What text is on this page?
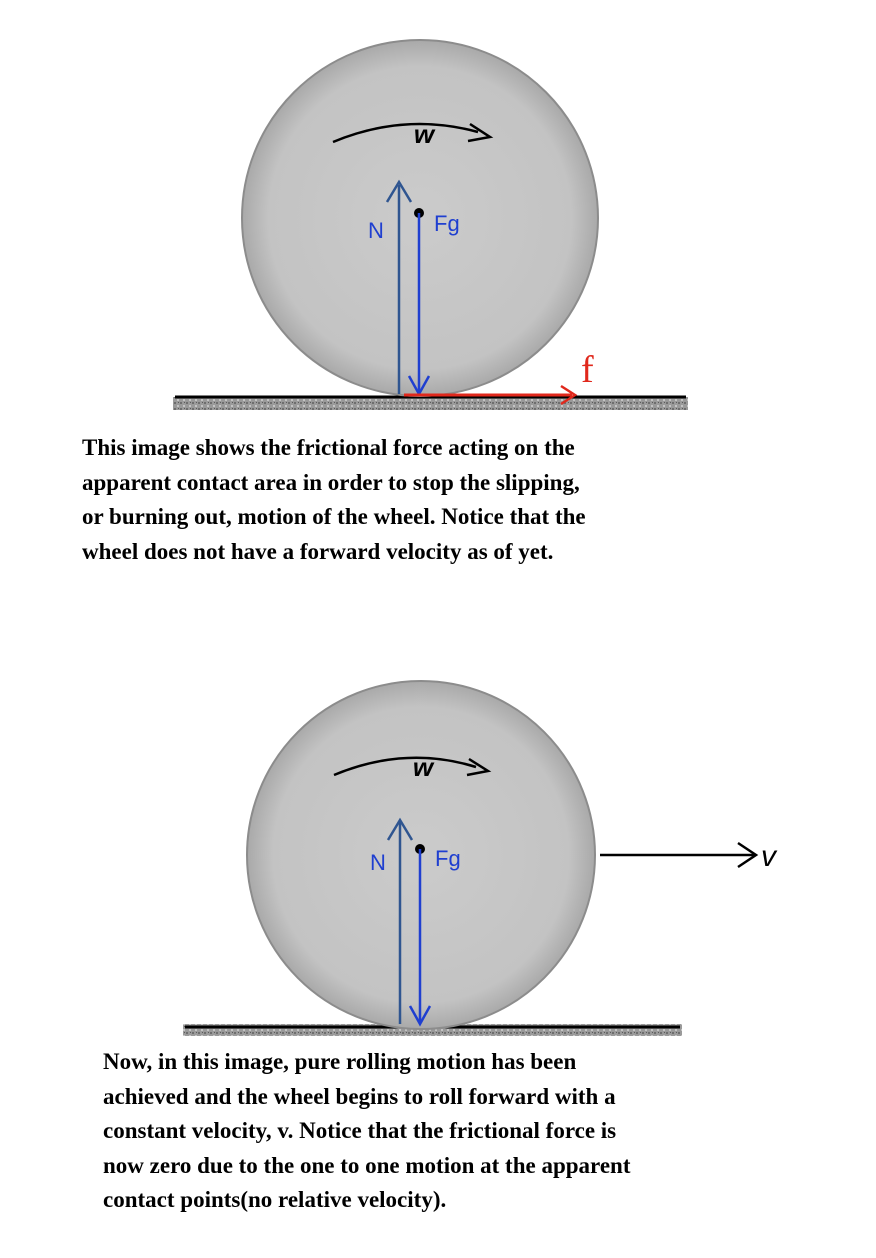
w
N Fg
f
w
N Fg	v
This image shows the frictional force acting on the
apparent contact area in order to stop the slipping,
or burning out, motion of the wheel. Notice that the
wheel does not have a forward velocity as of yet.
Now, in this image, pure rolling motion has been
achieved and the wheel begins to roll forward with a
constant velocity, v. Notice that the frictional force is
now zero due to the one to one motion at the apparent
contact points(no relative velocity).
